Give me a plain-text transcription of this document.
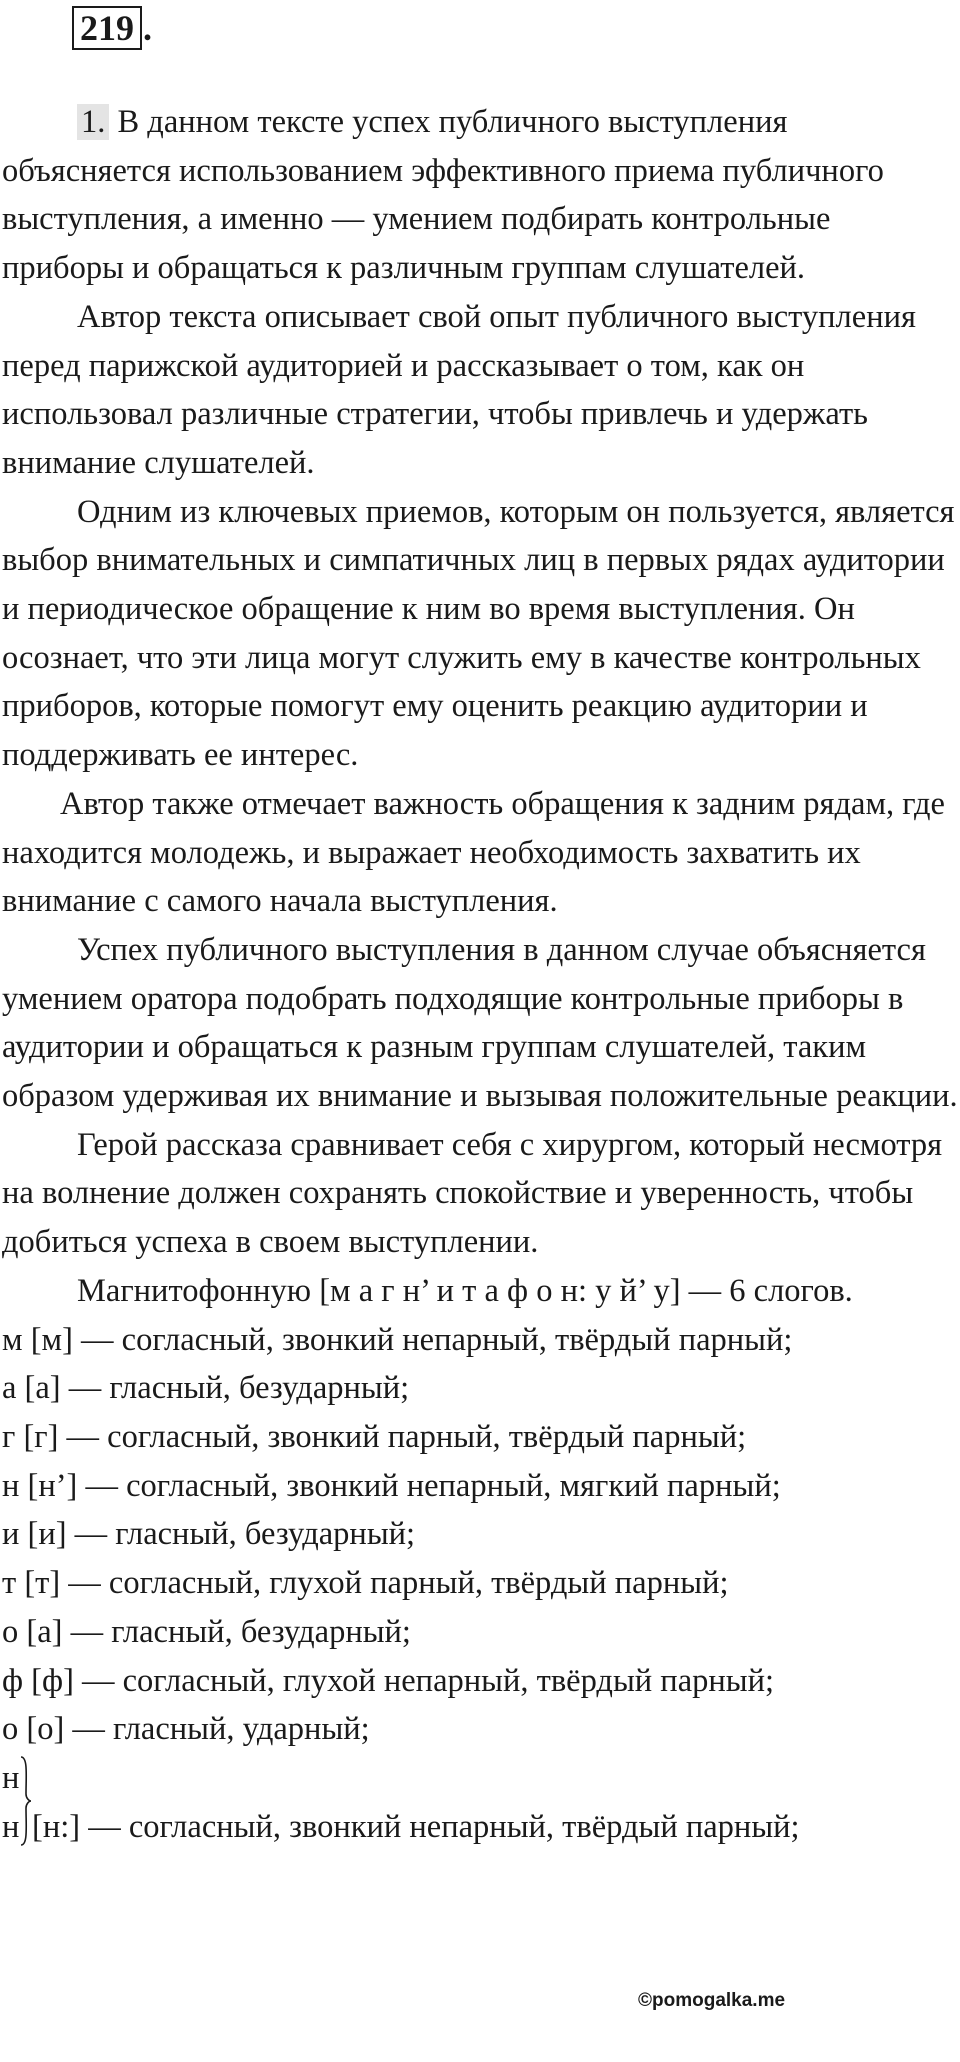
219 .

1. В данном тексте успех публичного выступления объясняется использованием эффективного приема публичного выступления, а именно — умением подбирать контрольные приборы и обращаться к различным группам слушателей.

Автор текста описывает свой опыт публичного выступления перед парижской аудиторией и рассказывает о том, как он использовал различные стратегии, чтобы привлечь и удержать внимание слушателей.

Одним из ключевых приемов, которым он пользуется, является выбор внимательных и симпатичных лиц в первых рядах аудитории и периодическое обращение к ним во время выступления. Он осознает, что эти лица могут служить ему в качестве контрольных приборов, которые помогут ему оценить реакцию аудитории и поддерживать ее интерес.

Автор также отмечает важность обращения к задним рядам, где находится молодежь, и выражает необходимость захватить их внимание с самого начала выступления.

Успех публичного выступления в данном случае объясняется умением оратора подобрать подходящие контрольные приборы в аудитории и обращаться к разным группам слушателей, таким образом удерживая их внимание и вызывая положительные реакции.

Герой рассказа сравнивает себя с хирургом, который несмотря на волнение должен сохранять спокойствие и уверенность, чтобы добиться успеха в своем выступлении.

Магнитофонную [м а г н’ и т а ф о н: у й’ у] — 6 слогов.

м [м] — согласный, звонкий непарный, твёрдый парный;
а [а] — гласный, безударный;
г [г] — согласный, звонкий парный, твёрдый парный;
н [н’] — согласный, звонкий непарный, мягкий парный;
и [и] — гласный, безударный;
т [т] — согласный, глухой парный, твёрдый парный;
о [а] — гласный, безударный;
ф [ф] — согласный, глухой непарный, твёрдый парный;
о [о] — гласный, ударный;
н
н [н:] — согласный, звонкий непарный, твёрдый парный;
©pomogalka.me
